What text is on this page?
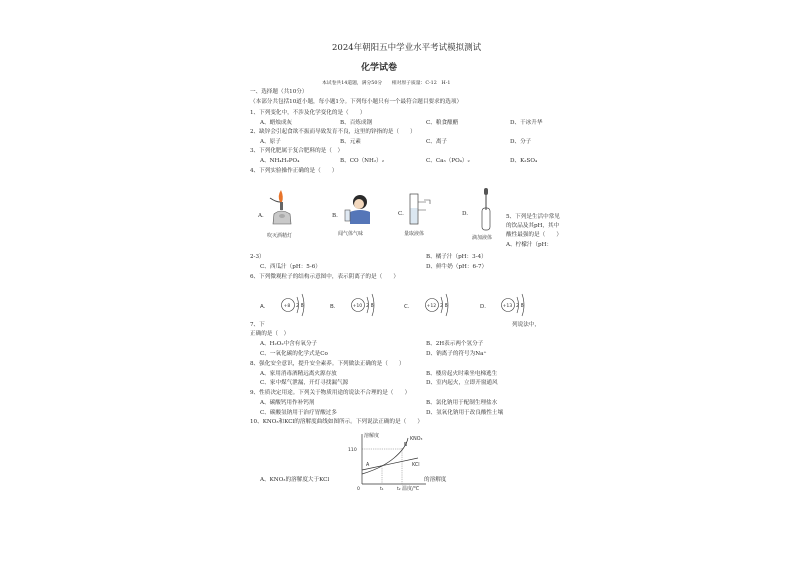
2024年朝阳五中学业水平考试模拟测试
化学试卷
本试卷共14道题，满分50分　　相对原子质量：C-12　H-1
一、选择题（共10分）
（本部分共包括10道小题，每小题1分。下列每小题只有一个最符合题目要求的选项）
1、下列变化中，不涉及化学变化的是（　　）
A、蜡烛成灰	B、百炼成钢	C、粮食酿醋	D、干冰升华
2、缺锌会引起食欲不振而导致发育不良，这里的锌指的是（　　）
A、原子	B、元素	C、离子	D、分子
3、下列化肥属于复合肥料的是（　）
A、NH₄H₂PO₄	B、CO（NH₂）₂	C、Ca₃（PO₄）₂	D、K₂SO₄
4、下列实验操作正确的是（　　）
A.
吹灭酒精灯
B.
闻气体气味
C.
量取液体
D.
滴加液体
5、下列是生活中常见
的饮品及其pH，其中
酸性最强的是（　　）
A、柠檬汁（pH：
2-3）	B、橘子汁（pH：3-4）
C、西瓜汁（pH：5-6）	D、鲜牛奶（pH：6-7）
6、下列微观粒子的结构示意图中，表示阴离子的是（　　）
A.	+8 2 8	B.	+10 2 8	C.	+12 2 8	D.	+13 2 8
7、下	列说法中，
正确的是（　）
A、H₂O₂中含有氧分子	B、2H表示两个氢分子
C、一氧化碳的化学式是Co	D、钠离子的符号为Na⁺
8、强化安全意识，提升安全素养。下列做法正确的是（　　）
A、家用消毒酒精远离火源存放	B、楼房起火时乘坐电梯逃生
C、家中煤气泄漏，开灯寻找漏气源	D、室内起火，立即开窗通风
9、性质决定用途。下列关于物质用途的说法不合理的是（　　）
A、碳酸钙用作补钙剂	B、氯化钠用于配制生理盐水
C、碳酸氢钠用于治疗胃酸过多	D、氢氧化钠用于改良酸性土壤
10、KNO₃和KCl的溶解度曲线如图所示。下列说法正确的是（　　）
溶解度
温度/℃
110
KNO₃
KCl
A
B
0	t₁	t₂
A、KNO₃的溶解度大于KCl	的溶解度
